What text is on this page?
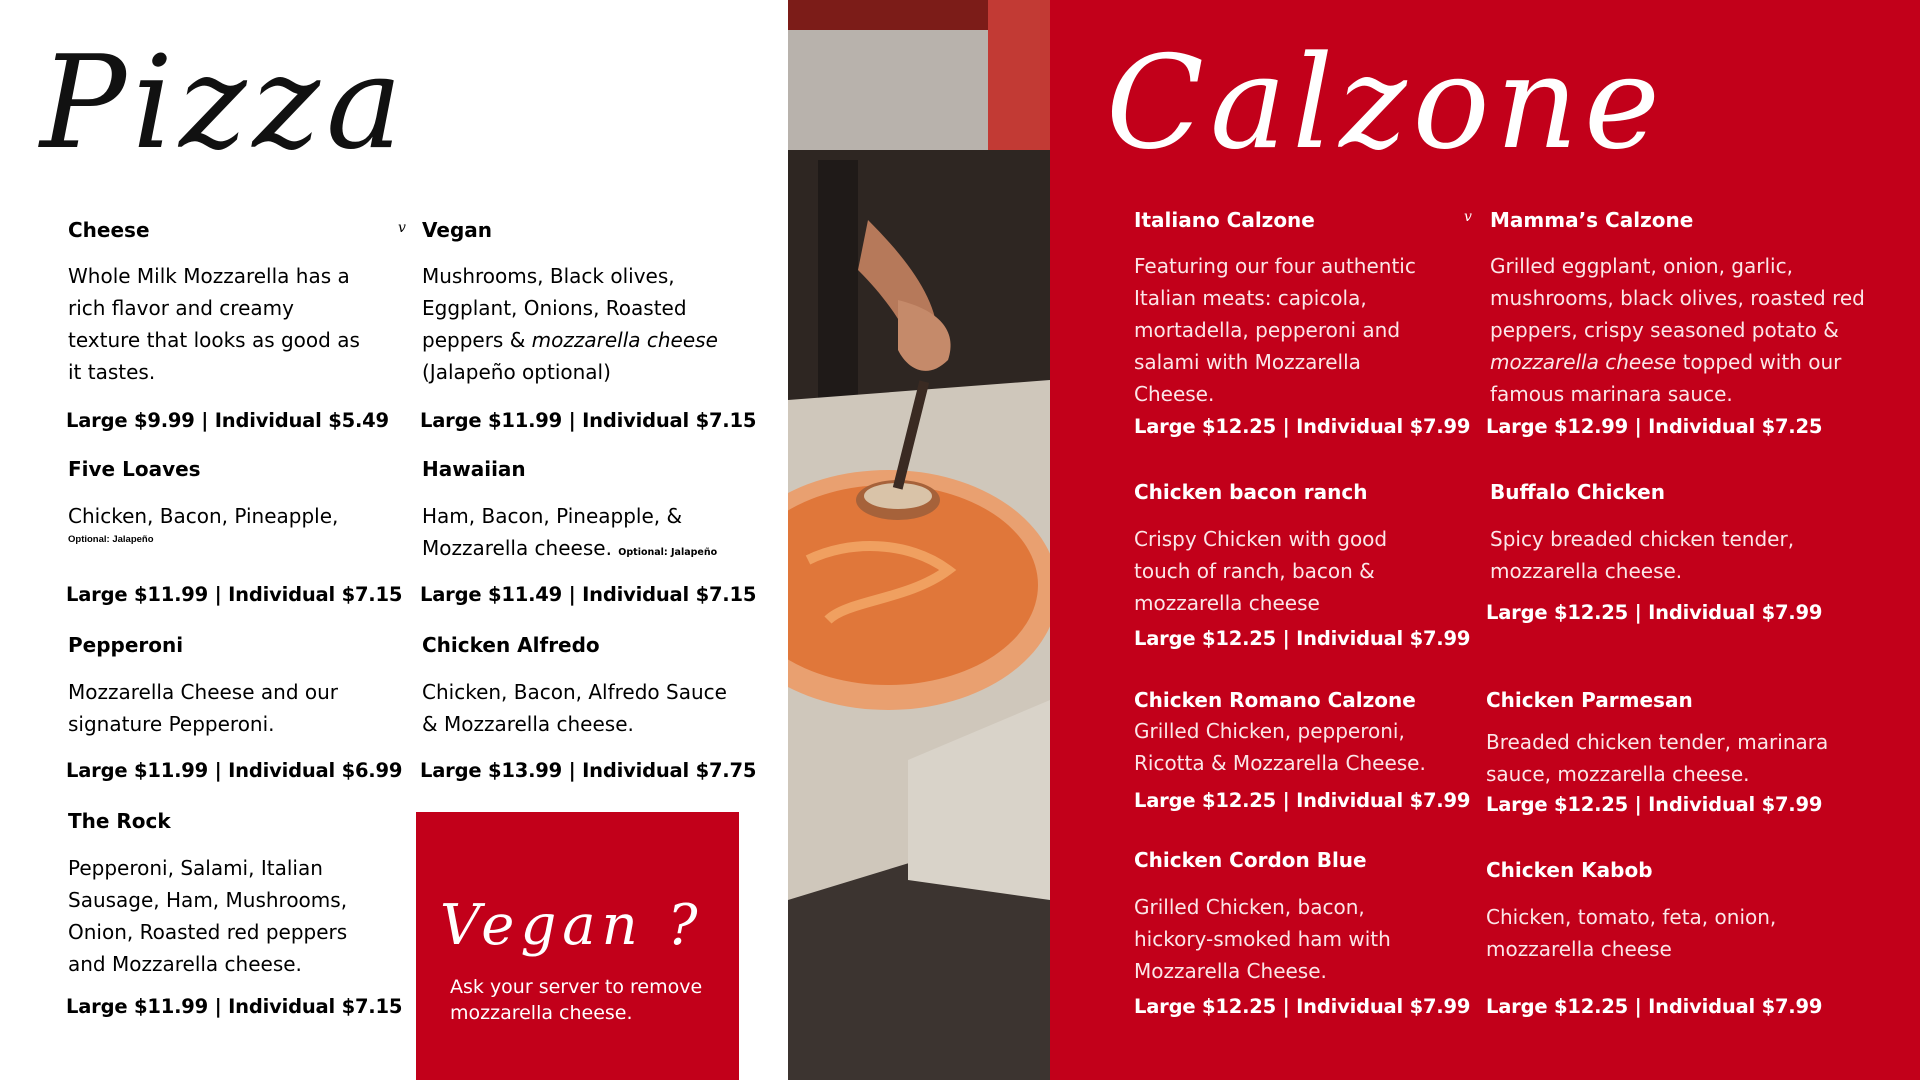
Pizza
Cheese
Whole Milk Mozzarella has a rich flavor and creamy texture that looks as good as it tastes.
Large $9.99 | Individual $5.49
Five Loaves
Chicken, Bacon, Pineapple,
Optional: Jalapeño
Large $11.99 | Individual $7.15
Pepperoni
Mozzarella Cheese and our signature Pepperoni.
Large $11.99 | Individual $6.99
The Rock
Pepperoni, Salami, Italian Sausage, Ham, Mushrooms, Onion, Roasted red peppers and Mozzarella cheese.
Large $11.99 | Individual $7.15
v Vegan
Mushrooms, Black olives, Eggplant, Onions, Roasted peppers & mozzarella cheese (Jalapeño optional)
Large $11.99 | Individual $7.15
Hawaiian
Ham, Bacon, Pineapple, & Mozzarella cheese. Optional: Jalapeño
Large $11.49 | Individual $7.15
Chicken Alfredo
Chicken, Bacon, Alfredo Sauce & Mozzarella cheese.
Large $13.99 | Individual $7.75
Vegan ?
Ask your server to remove mozzarella cheese.
Calzone
Italiano Calzone
Featuring our four authentic Italian meats: capicola, mortadella, pepperoni and salami with Mozzarella Cheese.
Large $12.25 | Individual $7.99
Chicken bacon ranch
Crispy Chicken with good touch of ranch, bacon & mozzarella cheese
Large $12.25 | Individual $7.99
Chicken Romano Calzone
Grilled Chicken, pepperoni, Ricotta & Mozzarella Cheese.
Large $12.25 | Individual $7.99
Chicken Cordon Blue
Grilled Chicken, bacon, hickory-smoked ham with Mozzarella Cheese.
Large $12.25 | Individual $7.99
v Mamma’s Calzone
Grilled eggplant, onion, garlic, mushrooms, black olives, roasted red peppers, crispy seasoned potato & mozzarella cheese topped with our famous marinara sauce.
Large $12.99 | Individual $7.25
Buffalo Chicken
Spicy breaded chicken tender, mozzarella cheese.
Large $12.25 | Individual $7.99
Chicken Parmesan
Breaded chicken tender, marinara sauce, mozzarella cheese.
Large $12.25 | Individual $7.99
Chicken Kabob
Chicken, tomato, feta, onion, mozzarella cheese
Large $12.25 | Individual $7.99
